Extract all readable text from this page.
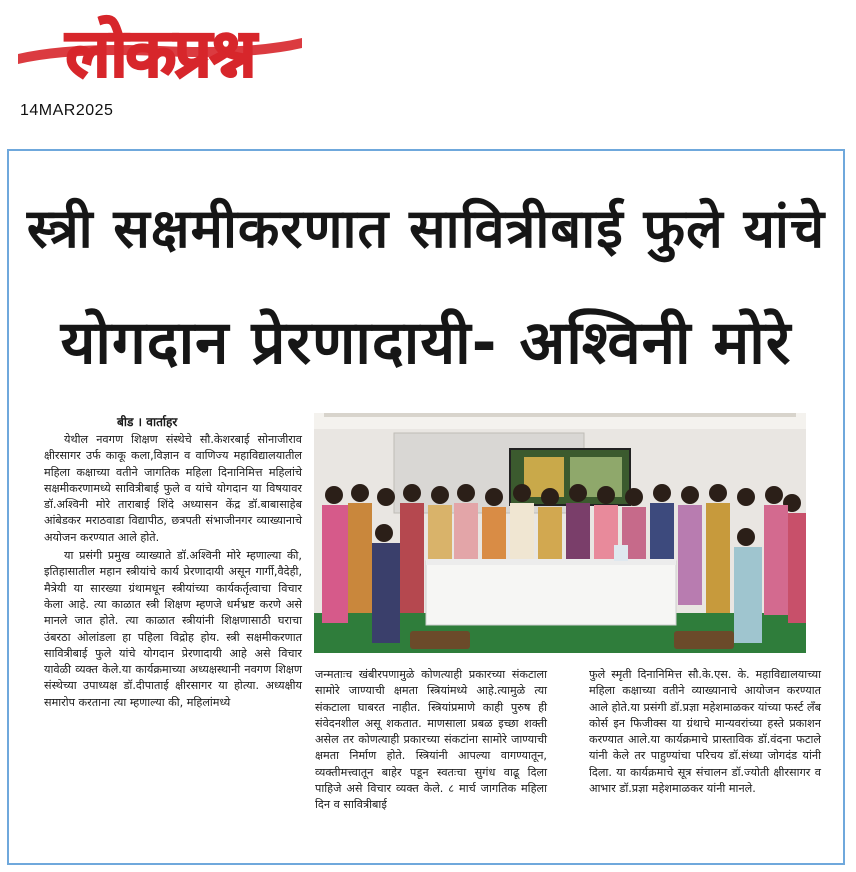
लोकप्रश्न
14MAR2025
स्त्री सक्षमीकरणात सावित्रीबाई फुले यांचे
योगदान प्रेरणादायी- अश्विनी मोरे
बीड । वार्ताहर

येथील नवगण शिक्षण संस्थेचे सौ.केशरबाई सोनाजीराव क्षीरसागर उर्फ काकू कला,विज्ञान व वाणिज्य महाविद्यालयातील महिला कक्षाच्या वतीने जागतिक महिला दिनानिमित्त महिलांचे सक्षमीकरणामध्ये सावित्रीबाई फुले व यांचे योगदान या विषयावर डॉ.अश्विनी मोरे ताराबाई शिंदे अध्यासन केंद्र डॉ.बाबासाहेब आंबेडकर मराठवाडा विद्यापीठ, छत्रपती संभाजीनगर व्याख्यानाचे अयोजन करण्यात आले होते.

या प्रसंगी प्रमुख व्याख्याते डॉ.अश्विनी मोरे म्हणाल्या की, इतिहासातील महान स्त्रीयांचे कार्य प्रेरणादायी असून गार्गी,वैदेही, मैत्रेयी या सारख्या ग्रंथामधून स्त्रीयांच्या कार्यकर्तृत्वाचा विचार केला आहे. त्या काळात स्त्री शिक्षण म्हणजे धर्मभ्रष्ट करणे असे मानले जात होते. त्या काळात स्त्रीयांनी शिक्षणासाठी घराचा उंबरठा ओलांडला हा पहिला विद्रोह होय. स्त्री सक्षमीकरणात सावित्रीबाई फुले यांचे योगदान प्रेरणादायी आहे असे विचार यावेळी व्यक्त केले.या कार्यक्रमाच्या अध्यक्षस्थानी नवगण शिक्षण संस्थेच्या उपाध्यक्ष डॉ.दीपाताई क्षीरसागर या होत्या. अध्यक्षीय समारोप करताना त्या म्हणाल्या की, महिलांमध्ये

जन्मताःच खंबीरपणामुळे कोणत्याही प्रकारच्या संकटाला सामोरे जाण्याची क्षमता स्त्रियांमध्ये आहे.त्यामुळे त्या संकटाला घाबरत नाहीत. स्त्रियांप्रमाणे काही पुरुष ही संवेदनशील असू शकतात. माणसाला प्रबळ इच्छा शक्ती असेल तर कोणत्याही प्रकारच्या संकटांना सामोरे जाण्याची क्षमता निर्माण होते. स्त्रियांनी आपल्या वागण्यातून, व्यक्तीमत्त्वातून बाहेर पडून स्वतःचा सुगंध वाढू दिला पाहिजे असे विचार व्यक्त केले. ८ मार्च जागतिक महिला दिन व सावित्रीबाई

फुले स्मृती दिनानिमित्त सौ.के.एस. के. महाविद्यालयाच्या महिला कक्षाच्या वतीने व्याख्यानाचे आयोजन करण्यात आले होते.या प्रसंगी डॉ.प्रज्ञा महेशमाळकर यांच्या फर्स्ट लँब कोर्स इन फिजीक्स या ग्रंथाचे मान्यवरांच्या हस्ते प्रकाशन करण्यात आले.या कार्यक्रमाचे प्रास्ताविक डॉ.वंदना फटाले यांनी केले तर पाहुण्यांचा परिचय डॉ.संध्या जोगदंड यांनी दिला. या कार्यक्रमाचे सूत्र संचालन डॉ.ज्योती क्षीरसागर व आभार डॉ.प्रज्ञा महेशमाळकर यांनी मानले.
